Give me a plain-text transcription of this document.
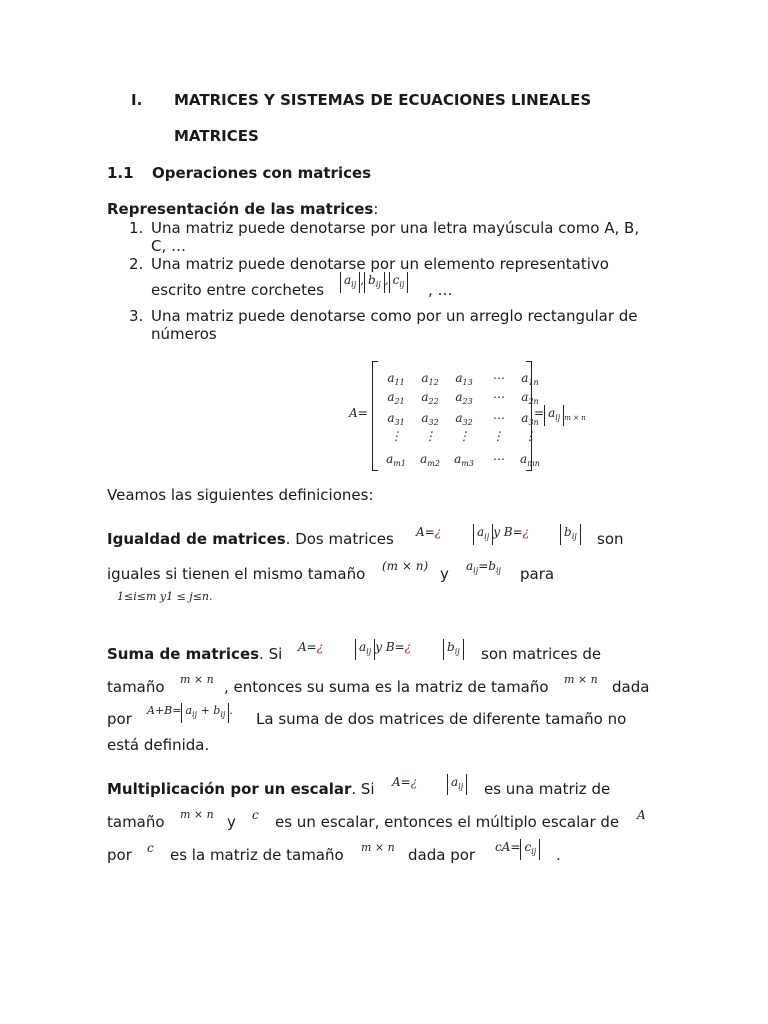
I. MATRICES Y SISTEMAS DE ECUACIONES LINEALES
MATRICES
1.1 Operaciones con matrices
Representación de las matrices:
1. Una matriz puede denotarse por una letra mayúscula como A, B,
C, …
2. Una matriz puede denotarse por un elemento representativo
escrito entre corchetes
$a_{ij}$ , $b_{ij}$ , $c_{ij}$ , …
3. Una matriz puede denotarse como por un arreglo rectangular de
números
A=
$a_{11}$	$a_{12}$	$a_{13}$	⋯	$a_{1n}$
$a_{21}$	$a_{22}$	$a_{23}$	⋯	$a_{2n}$
$a_{31}$	$a_{32}$	$a_{32}$	⋯	$a_{3n}$
⋮	⋮	⋮	⋮	⋮
$a_{m1}$	$a_{m2}$	$a_{m3}$	⋯	$a_{mn}$
= $a_{ij}$ $_{m \times n}$
Veamos las siguientes definiciones:
Igualdad de matrices. Dos matrices A=¿	$a_{ij}$ y B=¿	$b_{ij}$ son
iguales si tienen el mismo tamaño (m × n) y $a_{ij}=b_{ij}$ para
1≤i≤m y1 ≤ j≤n.
Suma de matrices. Si A=¿	$a_{ij}$ y B=¿	$b_{ij}$ son matrices de
tamaño m × n , entonces su suma es la matriz de tamaño m × n dada
por $A+B= a_{ij} + b_{ij}$ . La suma de dos matrices de diferente tamaño no
está definida.
Multiplicación por un escalar. Si A=¿	$a_{ij}$ es una matriz de
tamaño m × n y c es un escalar, entonces el múltiplo escalar de A
por c es la matriz de tamaño m × n dada por $cA= c_{ij}$ .
